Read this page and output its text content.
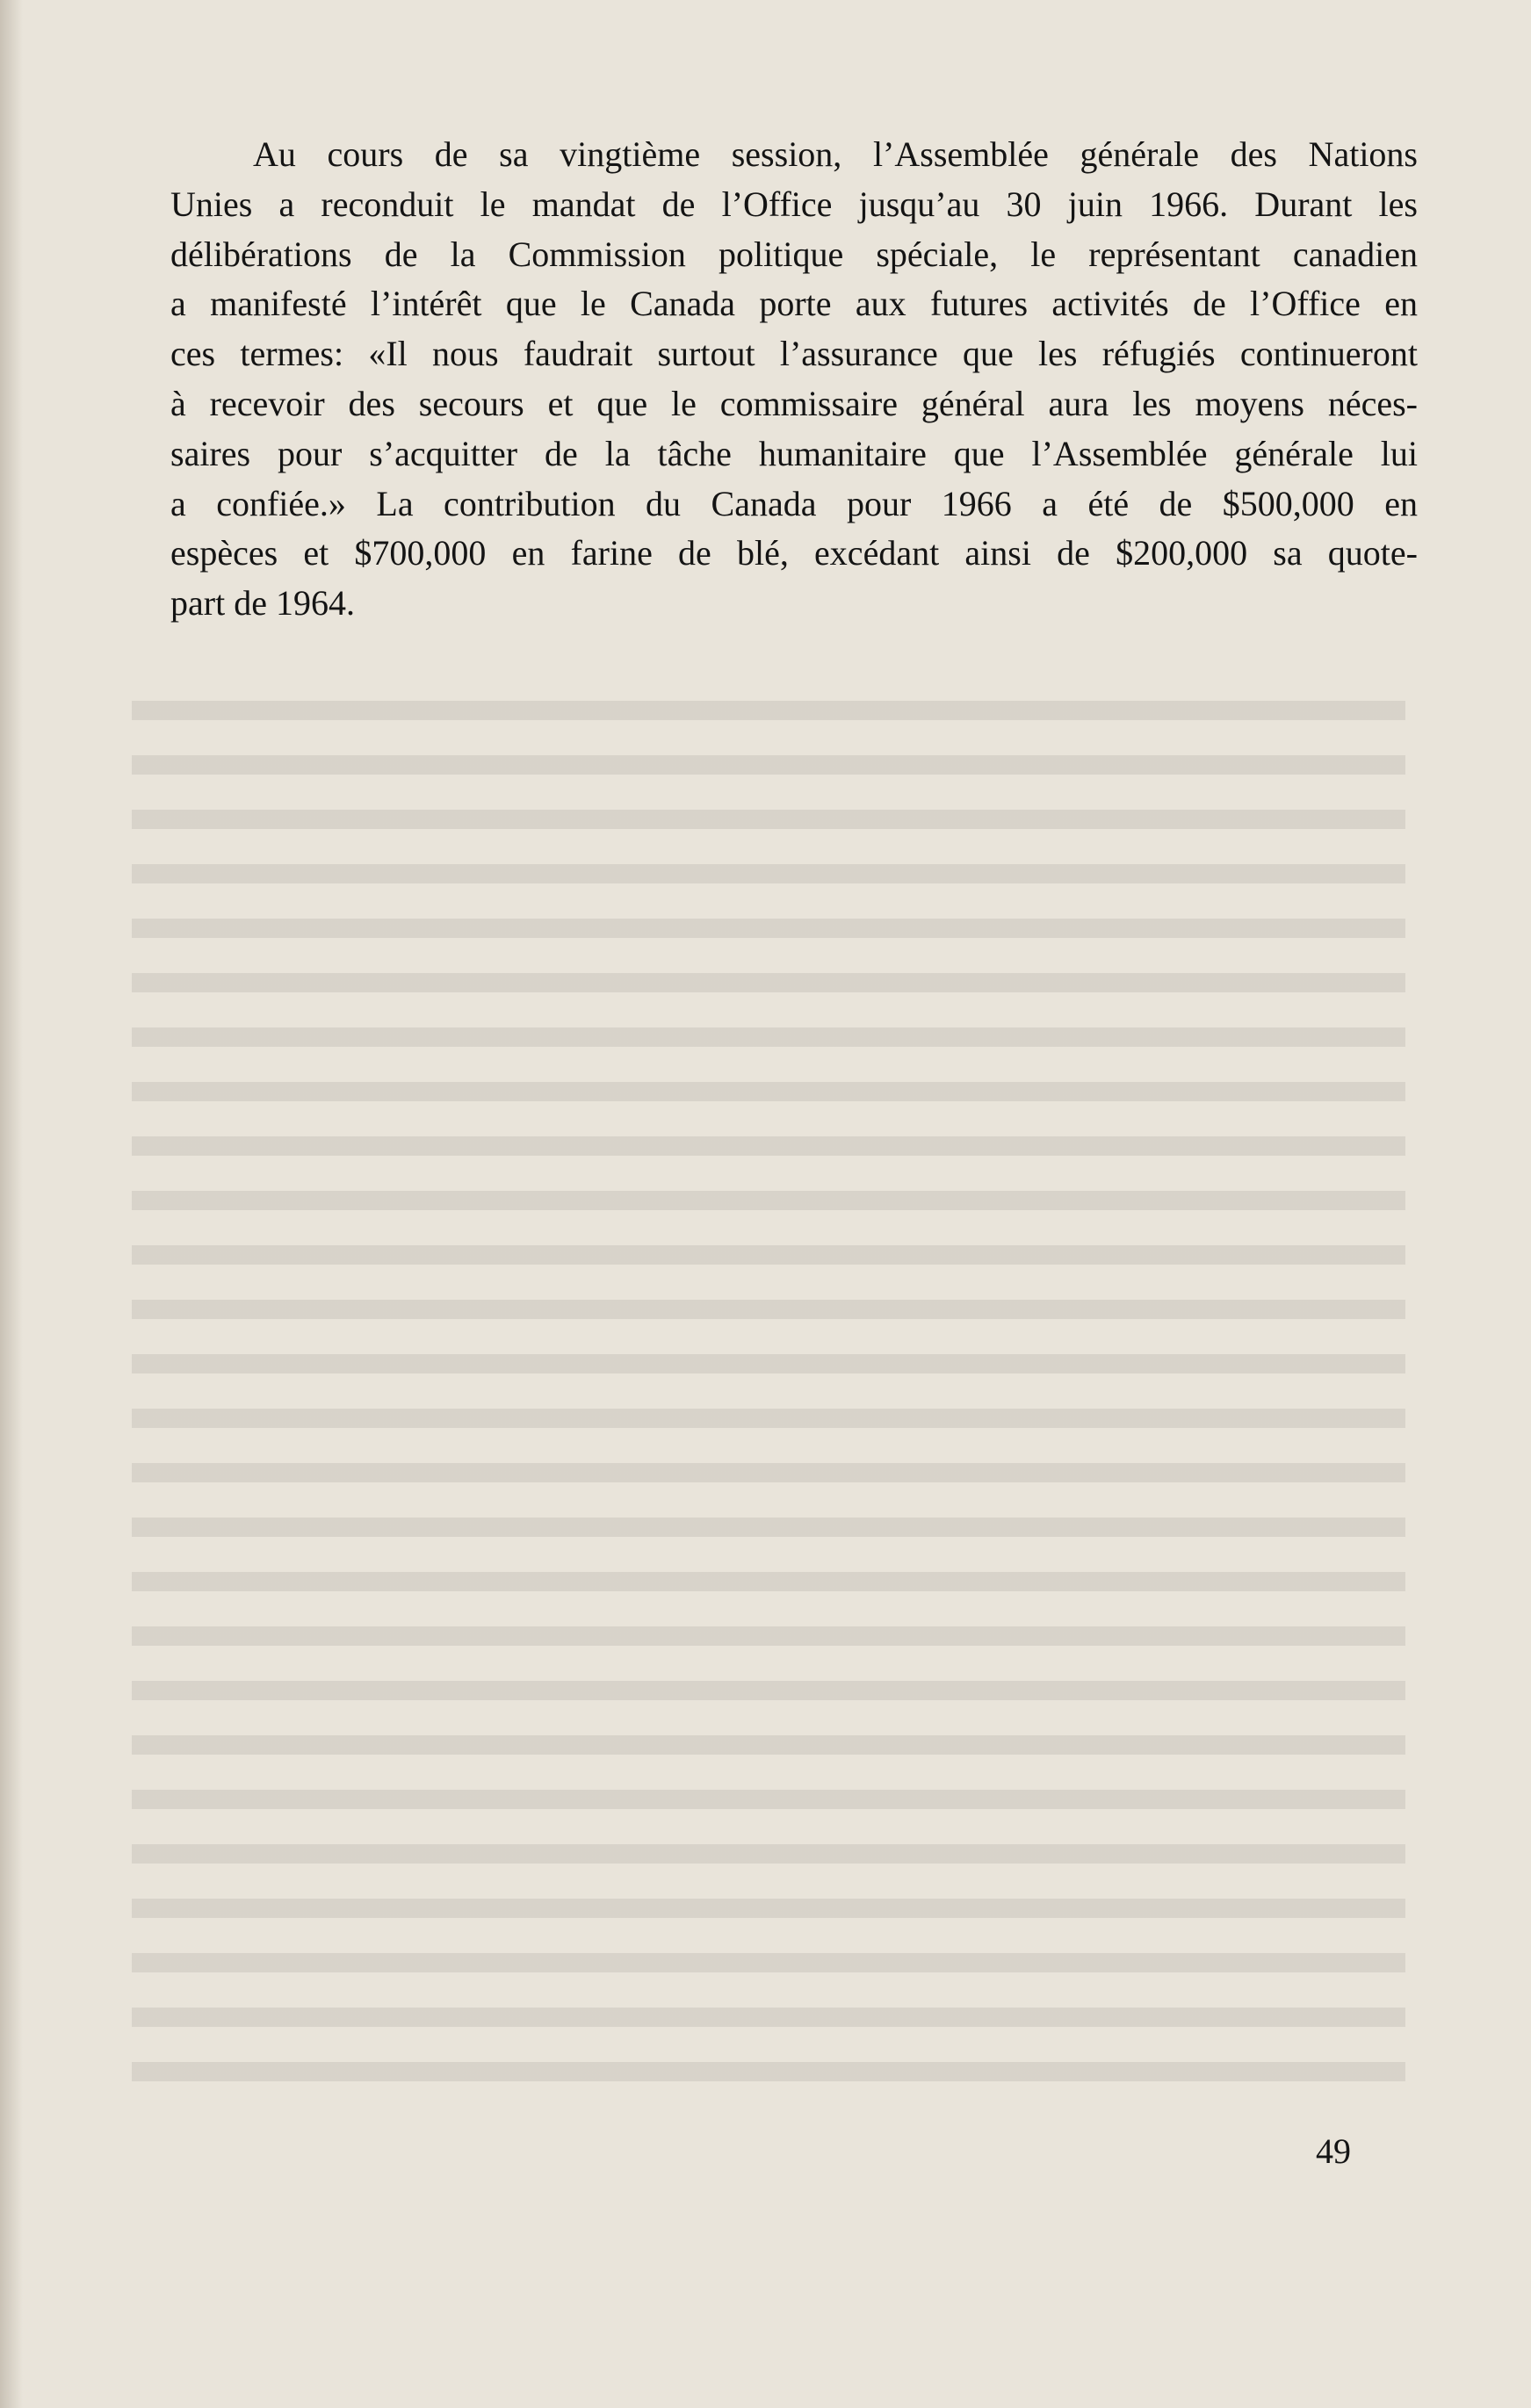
Au cours de sa vingtième session, l’Assemblée générale des Nations
Unies a reconduit le mandat de l’Office jusqu’au 30 juin 1966. Durant les
délibérations de la Commission politique spéciale, le représentant canadien
a manifesté l’intérêt que le Canada porte aux futures activités de l’Office en
ces termes: «Il nous faudrait surtout l’assurance que les réfugiés continueront
à recevoir des secours et que le commissaire général aura les moyens néces-
saires pour s’acquitter de la tâche humanitaire que l’Assemblée générale lui
a confiée.» La contribution du Canada pour 1966 a été de $500,000 en
espèces et $700,000 en farine de blé, excédant ainsi de $200,000 sa quote-
part de 1964.
49
